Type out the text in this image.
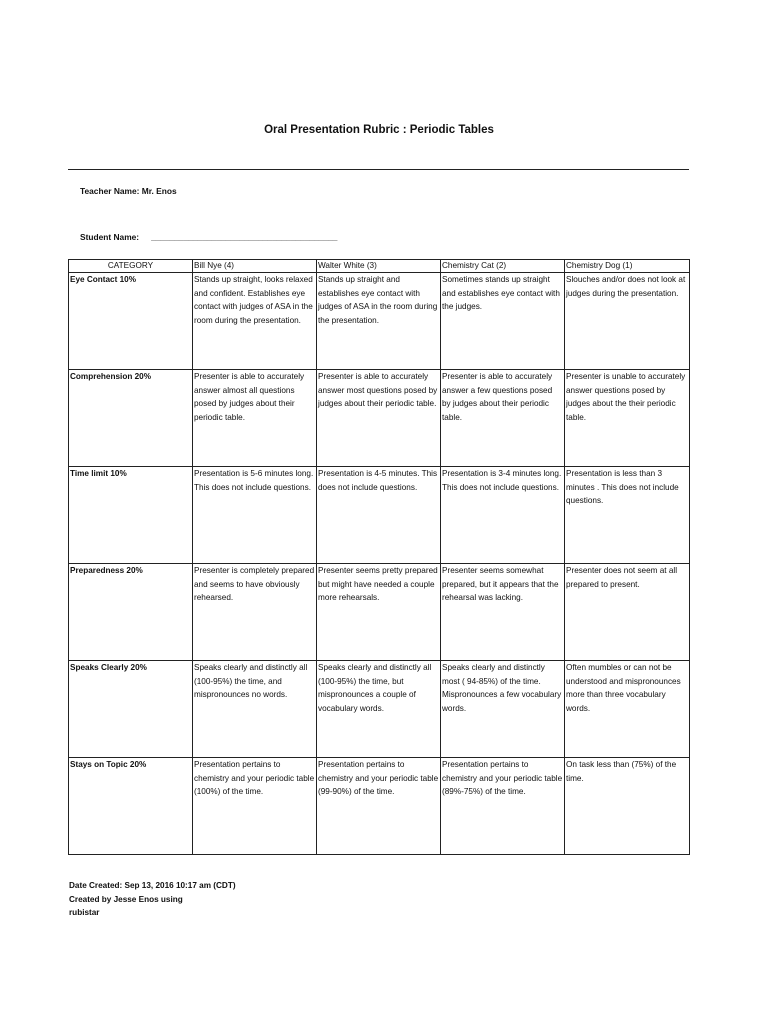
Oral Presentation Rubric : Periodic Tables
Teacher Name: Mr. Enos
Student Name: ________________________________________
CATEGORY	Bill Nye (4)	Walter White (3)	Chemistry Cat (2)	Chemistry Dog (1)
Eye Contact 10%	Stands up straight, looks relaxed and confident. Establishes eye contact with judges of ASA in the room during the presentation.	Stands up straight and establishes eye contact with judges of ASA in the room during the presentation.	Sometimes stands up straight and establishes eye contact with the judges.	Slouches and/or does not look at judges during the presentation.
Comprehension 20%	Presenter is able to accurately answer almost all questions posed by judges about their periodic table.	Presenter is able to accurately answer most questions posed by judges about their periodic table.	Presenter is able to accurately answer a few questions posed by judges about their periodic table.	Presenter is unable to accurately answer questions posed by judges about the their periodic table.
Time limit 10%	Presentation is 5-6 minutes long. This does not include questions.	Presentation is 4-5 minutes. This does not include questions.	Presentation is 3-4 minutes long. This does not include questions.	Presentation is less than 3 minutes . This does not include questions.
Preparedness 20%	Presenter is completely prepared and seems to have obviously rehearsed.	Presenter seems pretty prepared but might have needed a couple more rehearsals.	Presenter seems somewhat prepared, but it appears that the rehearsal was lacking.	Presenter does not seem at all prepared to present.
Speaks Clearly 20%	Speaks clearly and distinctly all (100-95%) the time, and mispronounces no words.	Speaks clearly and distinctly all (100-95%) the time, but mispronounces a couple of vocabulary words.	Speaks clearly and distinctly most ( 94-85%) of the time. Mispronounces a few vocabulary words.	Often mumbles or can not be understood and mispronounces more than three vocabulary words.
Stays on Topic 20%	Presentation pertains to chemistry and your periodic table (100%) of the time.	Presentation pertains to chemistry and your periodic table (99-90%) of the time.	Presentation pertains to chemistry and your periodic table (89%-75%) of the time.	On task less than (75%) of the time.
Date Created: Sep 13, 2016 10:17 am (CDT)
Created by Jesse Enos using
rubistar
